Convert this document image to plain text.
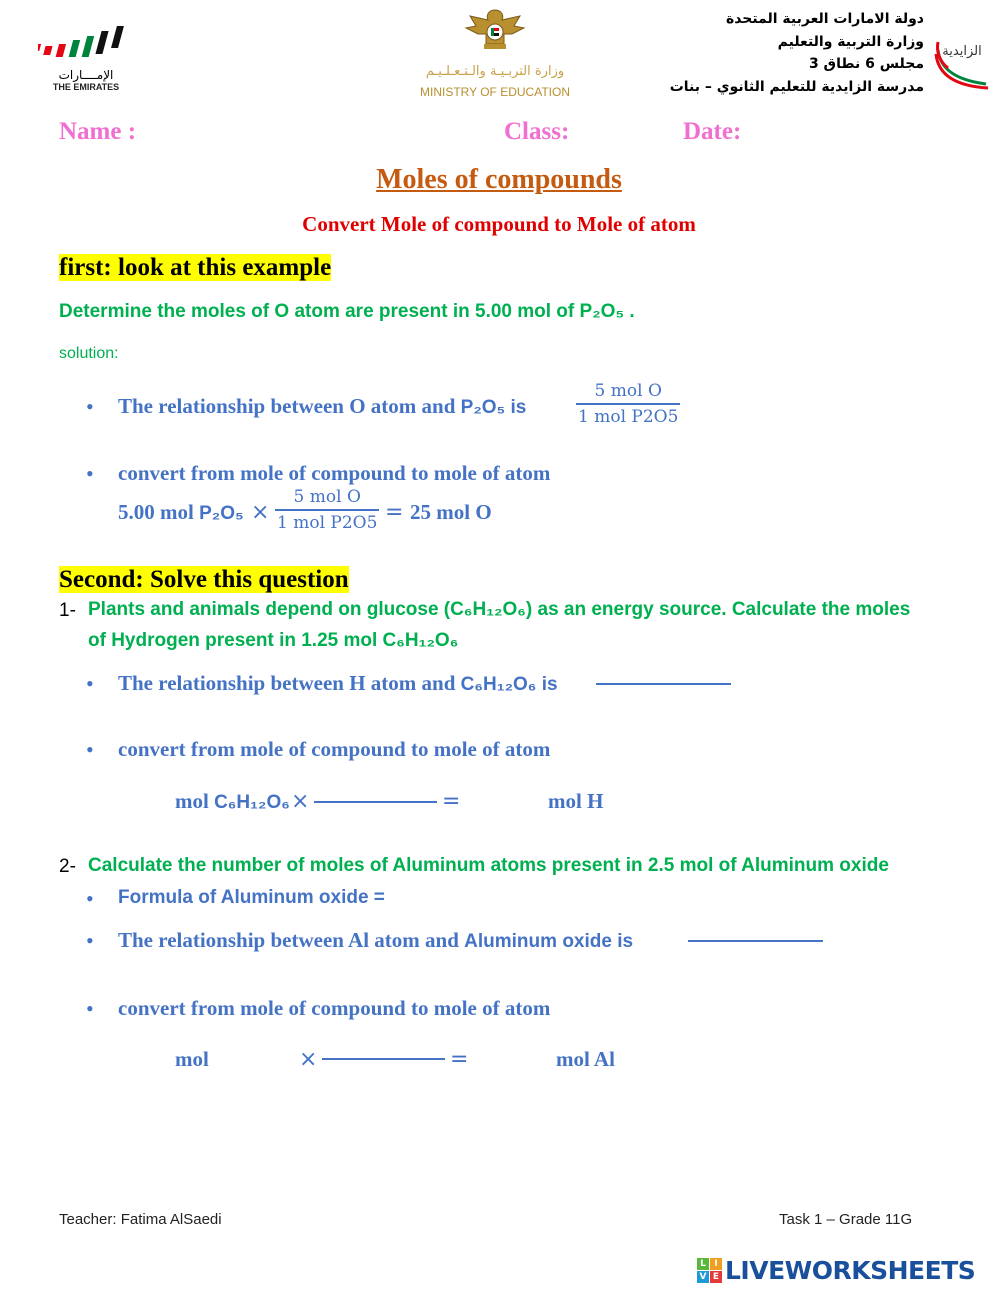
الإمــــارات
THE EMIRATES
وزارة التربـيـة والـتـعـلـيـم
MINISTRY OF EDUCATION
دولة الامارات العربية المتحدة
وزارة التربية والتعليم
مجلس 6 نطاق 3
مدرسة الزايدية للتعليم الثانوي – بنات
الزايدية
Name :	Class:	Date:
Moles of compounds
Convert Mole of compound to Mole of atom
first: look at this example
Determine the moles of O atom are present in 5.00 mol of P₂O₅ .
solution:
• The relationship between O atom and P₂O₅ is
5 mol O
1 mol P2O5
• convert from mole of compound to mole of atom
5.00 mol P₂O₅ ×
5 mol O
1 mol P2O5 = 25 mol O
Second: Solve this question
1- Plants and animals depend on glucose (C₆H₁₂O₆) as an energy source. Calculate the moles
of Hydrogen present in 1.25 mol C₆H₁₂O₆
• The relationship between H atom and C₆H₁₂O₆ is
• convert from mole of compound to mole of atom
mol C₆H₁₂O₆ ×	=	mol H
2- Calculate the number of moles of Aluminum atoms present in 2.5 mol of Aluminum oxide
• Formula of Aluminum oxide =
• The relationship between Al atom and Aluminum oxide is
• convert from mole of compound to mole of atom
mol	×	=	mol Al
Teacher: Fatima AlSaedi	Task 1 – Grade 11G
L I
V E LIVEWORKSHEETS
